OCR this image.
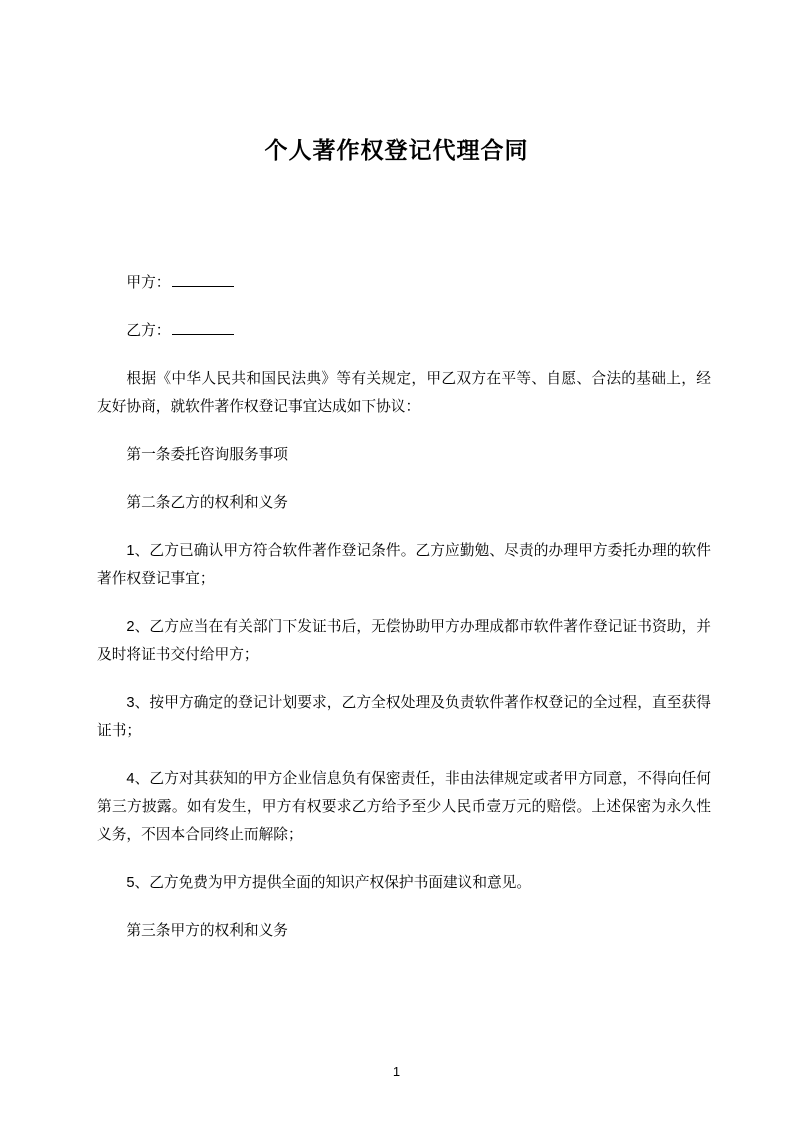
个人著作权登记代理合同

甲方：

乙方：

根据《中华人民共和国民法典》等有关规定，甲乙双方在平等、自愿、合法的基础上，经友好协商，就软件著作权登记事宜达成如下协议：

第一条委托咨询服务事项

第二条乙方的权利和义务

1、乙方已确认甲方符合软件著作登记条件。乙方应勤勉、尽责的办理甲方委托办理的软件著作权登记事宜；

2、乙方应当在有关部门下发证书后，无偿协助甲方办理成都市软件著作登记证书资助，并及时将证书交付给甲方；

3、按甲方确定的登记计划要求，乙方全权处理及负责软件著作权登记的全过程，直至获得证书；

4、乙方对其获知的甲方企业信息负有保密责任，非由法律规定或者甲方同意，不得向任何第三方披露。如有发生，甲方有权要求乙方给予至少人民币壹万元的赔偿。上述保密为永久性义务，不因本合同终止而解除；

5、乙方免费为甲方提供全面的知识产权保护书面建议和意见。

第三条甲方的权利和义务

1
